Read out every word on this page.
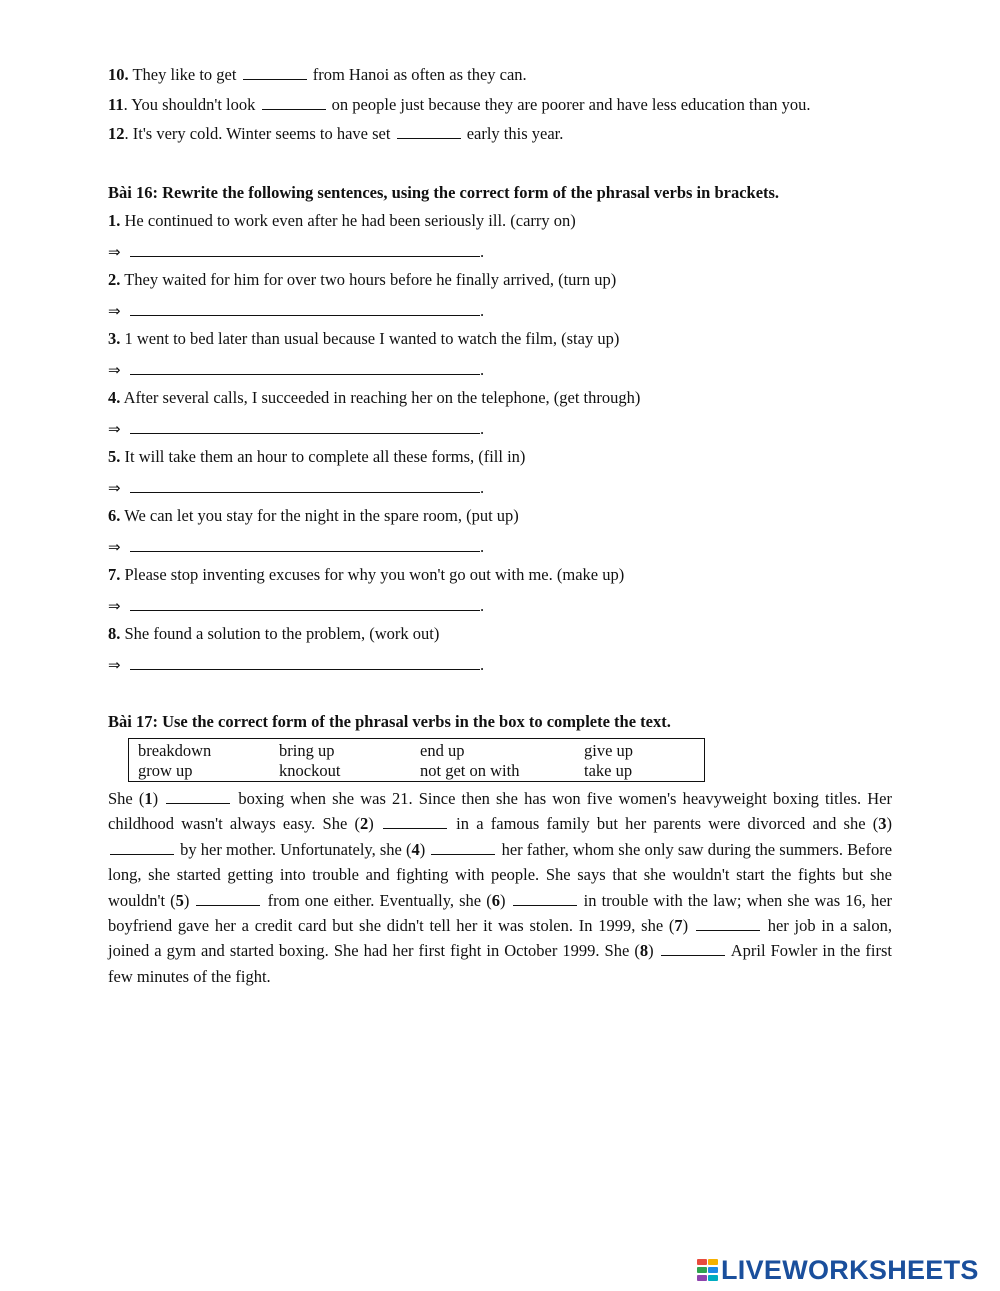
10. They like to get	from Hanoi as often as they can.
11. You shouldn't look	on people just because they are poorer and have less education than you.
12. It's very cold. Winter seems to have set	early this year.
Bài 16: Rewrite the following sentences, using the correct form of the phrasal verbs in brackets.
1. He continued to work even after he had been seriously ill. (carry on)
⇒	.
2. They waited for him for over two hours before he finally arrived, (turn up)
⇒	.
3. 1 went to bed later than usual because I wanted to watch the film, (stay up)
⇒	.
4. After several calls, I succeeded in reaching her on the telephone, (get through)
⇒	.
5. It will take them an hour to complete all these forms, (fill in)
⇒	.
6. We can let you stay for the night in the spare room, (put up)
⇒	.
7. Please stop inventing excuses for why you won't go out with me. (make up)
⇒	.
8. She found a solution to the problem, (work out)
⇒	.
Bài 17: Use the correct form of the phrasal verbs in the box to complete the text.
breakdown	bring up	end up	give up
grow up	knockout	not get on with	take up
She (1)	boxing when she was 21. Since then she has won five women's heavyweight boxing titles. Her childhood wasn't always easy. She (2)	in a famous family but her parents were divorced and she (3)  by her mother. Unfortunately, she (4)	her father, whom she only saw during the summers. Before long, she started getting into trouble and fighting with people. She says that she wouldn't start the fights but she wouldn't (5)	from one either. Eventually, she (6)	in trouble with the law; when she was 16, her boyfriend gave her a credit card but she didn't tell her it was stolen. In 1999, she (7)	her job in a salon, joined a gym and started boxing. She had her first fight in October 1999. She (8)	April Fowler in the first few minutes of the fight.
LIVEWORKSHEETS
